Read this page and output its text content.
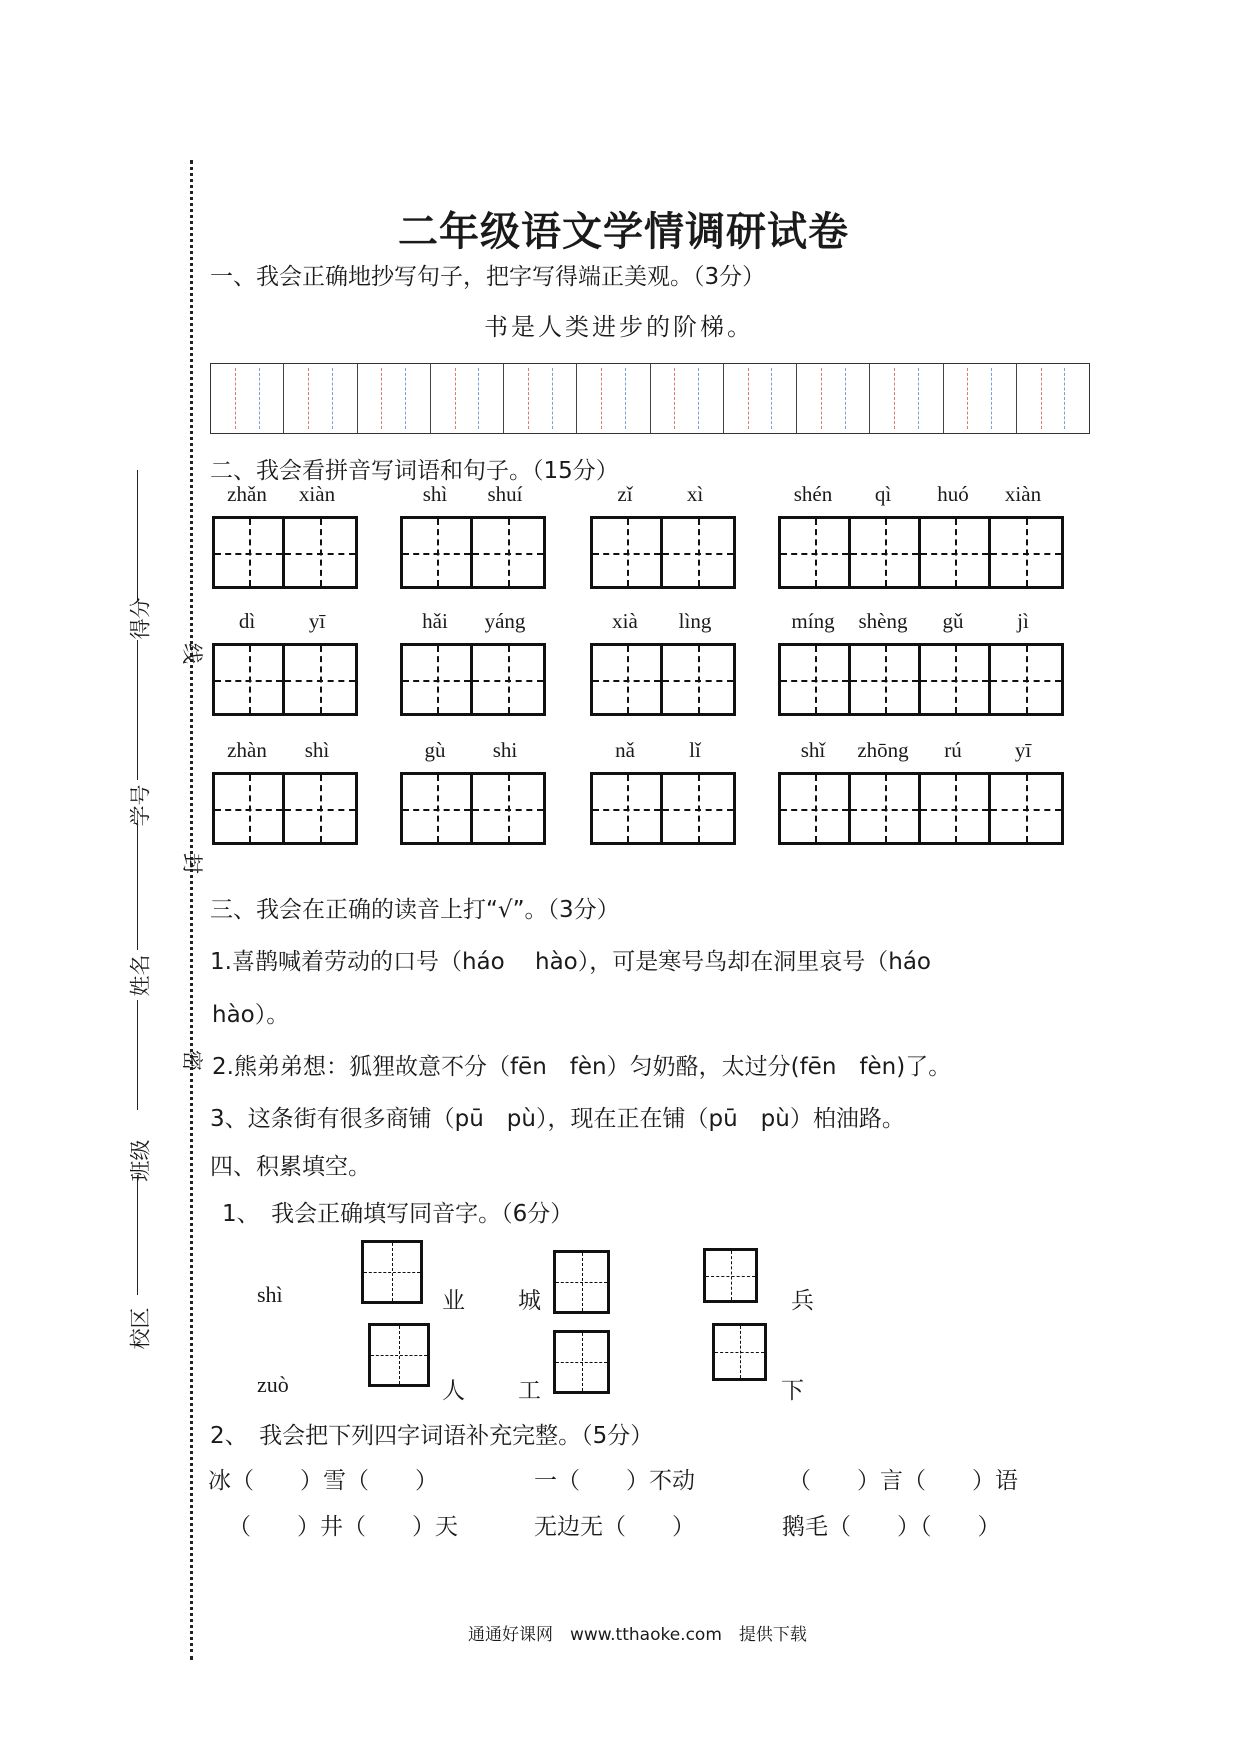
得分
学号
姓名
班级
校区
线
封
密
二年级语文学情调研试卷
一、我会正确地抄写句子，把字写得端正美观。（3分）
书是人类进步的阶梯。
二、我会看拼音写词语和句子。（15分）
zhǎn	xiàn	shì	shuí	zǐ	xì	shén	qì	huó	xiàn
dì	yī	hǎi	yáng	xià	lìng	míng	shèng	gǔ	jì
zhàn	shì	gù	shi	nǎ	lǐ	shǐ	zhōng	rú	yī
三、我会在正确的读音上打“√”。（3分）
1.喜鹊喊着劳动的口号（háo　 hào），可是寒号鸟却在洞里哀号（háo
hào）。
2.熊弟弟想：狐狸故意不分（fēn　fèn）匀奶酪，太过分(fēn　fèn)了。
3、这条街有很多商铺（pū　pù），现在正在铺（pū　pù）柏油路。
四、积累填空。
1、　我会正确填写同音字。（6分）
shì	业 城	兵
zuò	人 工	下
2、　我会把下列四字词语补充完整。（5分）
冰（　　）雪（　　）	一（　　）不动	（　　）言（　　）语
（　　）井（　　）天	无边无（　　）	鹅毛（　　）（　　）
通通好课网　www.tthaoke.com　提供下载
